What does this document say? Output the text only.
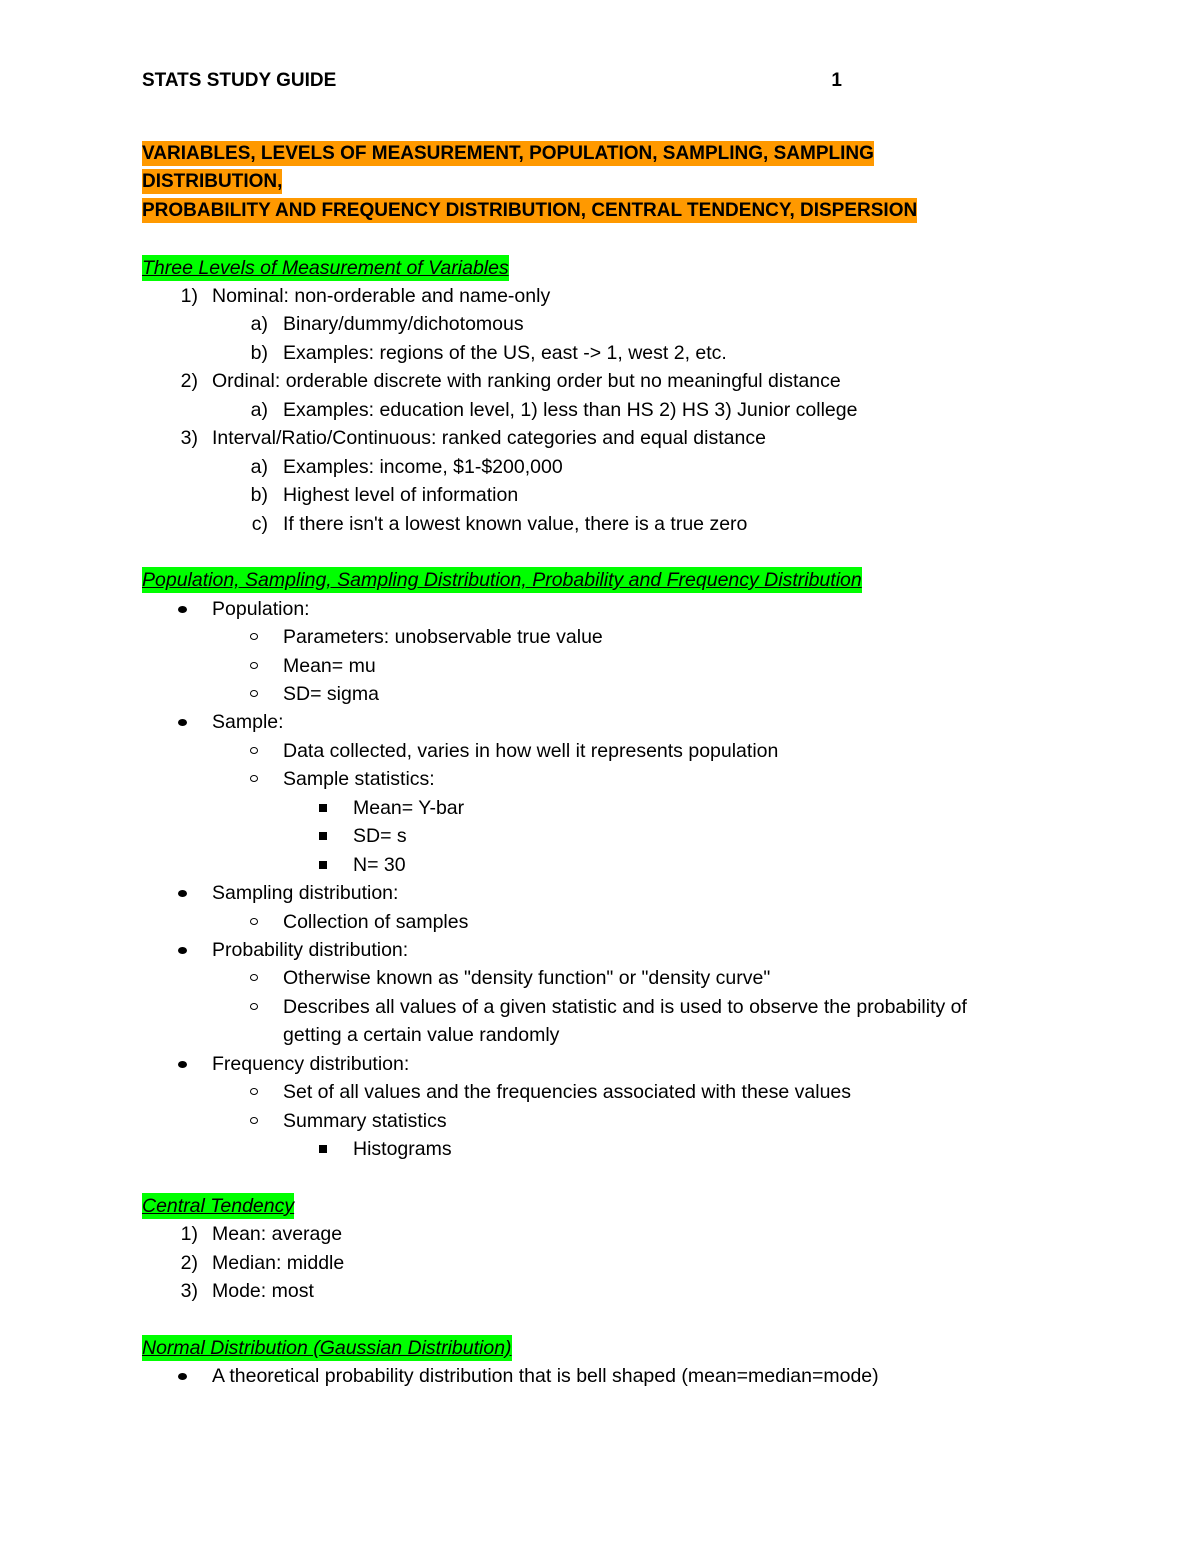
STATS STUDY GUIDE	1
VARIABLES, LEVELS OF MEASUREMENT, POPULATION, SAMPLING, SAMPLING
DISTRIBUTION,
PROBABILITY AND FREQUENCY DISTRIBUTION, CENTRAL TENDENCY, DISPERSION
Three Levels of Measurement of Variables
1) Nominal: non-orderable and name-only
a) Binary/dummy/dichotomous
b) Examples: regions of the US, east -> 1, west 2, etc.
2) Ordinal: orderable discrete with ranking order but no meaningful distance
a) Examples: education level, 1) less than HS 2) HS 3) Junior college
3) Interval/Ratio/Continuous: ranked categories and equal distance
a) Examples: income, $1-$200,000
b) Highest level of information
c) If there isn't a lowest known value, there is a true zero
Population, Sampling, Sampling Distribution, Probability and Frequency Distribution
Population:
Parameters: unobservable true value
Mean= mu
SD= sigma
Sample:
Data collected, varies in how well it represents population
Sample statistics:
Mean= Y-bar
SD= s
N= 30
Sampling distribution:
Collection of samples
Probability distribution:
Otherwise known as "density function" or "density curve"
Describes all values of a given statistic and is used to observe the probability of
getting a certain value randomly
Frequency distribution:
Set of all values and the frequencies associated with these values
Summary statistics
Histograms
Central Tendency
1) Mean: average
2) Median: middle
3) Mode: most
Normal Distribution (Gaussian Distribution)
A theoretical probability distribution that is bell shaped (mean=median=mode)
